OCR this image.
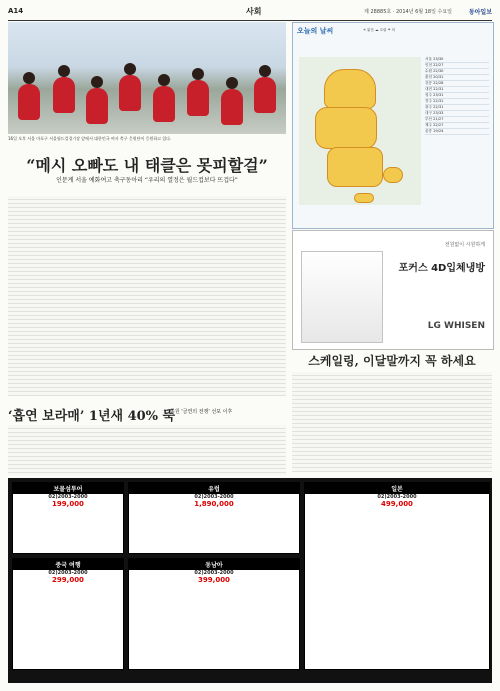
A14	사회	제 28885호 · 2014년 6월 18일 수요일	동아일보
16일 오후 서울 마포구 서울월드컵경기장 앞에서 대한민국 여자 축구 응원단이 응원하고 있다.
“메시 오빠도 내 태클은 못피할걸”
인문계 서울 예화여고 축구동아리 “우리의 열정은 월드컵보다 뜨겁다”
오늘의 날씨	☀ 맑음 ☁ 흐림 ☂ 비
서울 23/30
인천 22/27
수원 22/30
춘천 20/31
강릉 22/28
대전 22/31
청주 23/31
전주 22/31
광주 22/31
대구 23/33
부산 21/27
제주 22/27
울릉 19/24
전원없이 시원하게
포커스 4D입체냉방
LG WHISEN
스케일링, 이달말까지 꼭 하세요
‘흡연 보라매’ 1년새 40% 뚝
공원 '금연의 전쟁' 선포 이후
보물섬투어
02)2003-2000
199,000
중국 여행
02)2003-2000
299,000
유럽
02)2003-2000
1,890,000
동남아
02)2003-2000
399,000
일본
02)2003-2000
499,000
